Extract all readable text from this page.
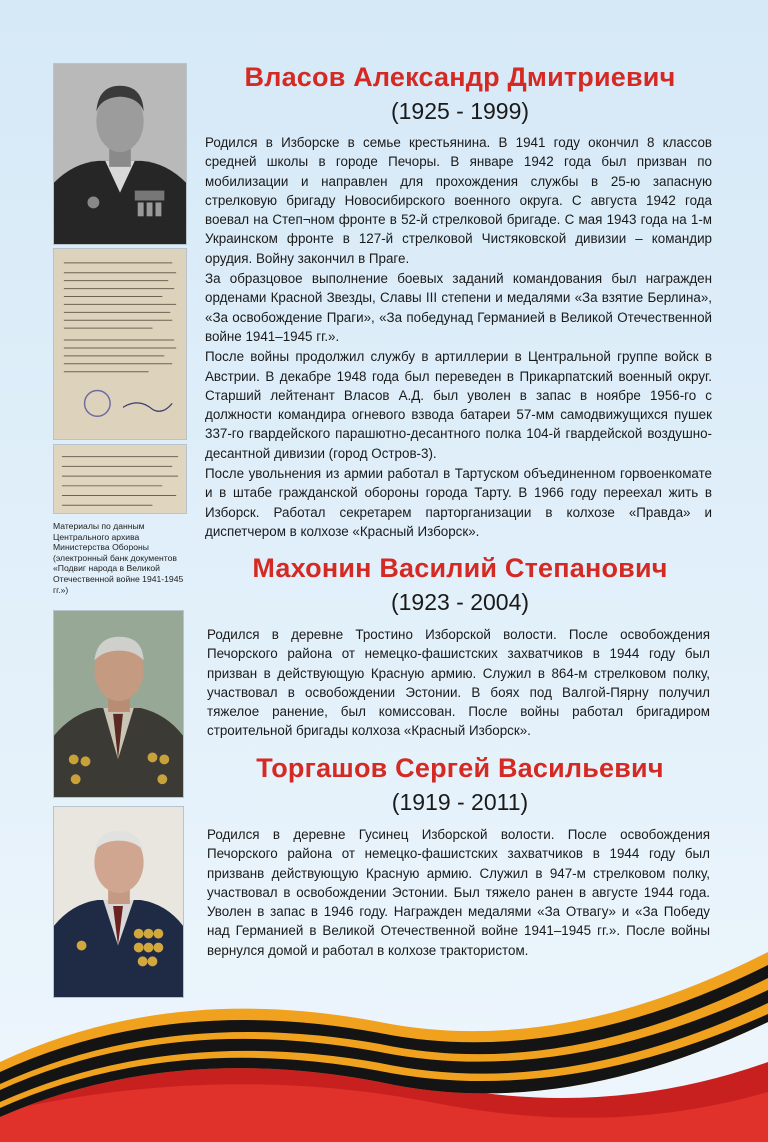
Материалы по данным Центрального архива Министерства Обороны (электронный банк документов «Подвиг народа в Великой Отечественной войне 1941-1945 гг.»)
Власов Александр Дмитриевич
(1925 - 1999)

Родился в Изборске в семье крестьянина. В 1941 году окончил 8 классов средней школы в городе Печоры. В январе 1942 года был призван по мобилизации и направлен для прохождения службы в 25-ю запасную стрелковую бригаду Новосибирского военного округа. С августа 1942 года воевал на Степ¬ном фронте в 52-й стрелковой бригаде. С мая 1943 года на 1-м Украинском фронте в 127-й стрелковой Чистяковской дивизии – командир орудия. Войну закончил в Праге.

За образцовое выполнение боевых заданий командования был награжден орденами Красной Звезды, Славы III степени и медалями «За взятие Берлина», «За освобождение Праги», «За победунад Германией в Великой Отечественной войне 1941–1945 гг.».

После войны продолжил службу в артиллерии в Центральной группе войск в Австрии. В декабре 1948 года был переведен в Прикарпатский военный округ. Старший лейтенант Власов А.Д. был уволен в запас в ноябре 1956-го с должности командира огневого взвода батареи 57-мм самодвижущихся пушек 337-го гвардейского парашютно-десантного полка 104-й гвардейской воздушно-десантной дивизии (город Остров-3).

После увольнения из армии работал в Тартуском объединенном горвоенкомате и в штабе гражданской обороны города Тарту. В 1966 году переехал жить в Изборск. Работал секретарем парторганизации в колхозе «Правда» и диспетчером в колхозе «Красный Изборск».

Махонин Василий Степанович
(1923 - 2004)

Родился в деревне Тростино Изборской волости. После освобождения Печорского района от немецко-фашистских захватчиков в 1944 году был призван в действующую Красную армию. Служил в 864-м стрелковом полку, участвовал в освобождении Эстонии. В боях под Валгой-Пярну получил тяжелое ранение, был комиссован. После войны работал бригадиром строительной бригады колхоза «Красный Изборск».

Торгашов Сергей Васильевич
(1919 - 2011)

Родился в деревне Гусинец Изборской волости. После освобождения Печорского района от немецко-фашистских захватчиков в 1944 году был призванв действующую Красную армию. Служил в 947-м стрелковом полку, участвовал в освобождении Эстонии. Был тяжело ранен в августе 1944 года. Уволен в запас в 1946 году. Награжден медалями «За Отвагу» и «За Победу над Германией в Великой Отечественной войне 1941–1945 гг.». После войны вернулся домой и работал в колхозе трактористом.
